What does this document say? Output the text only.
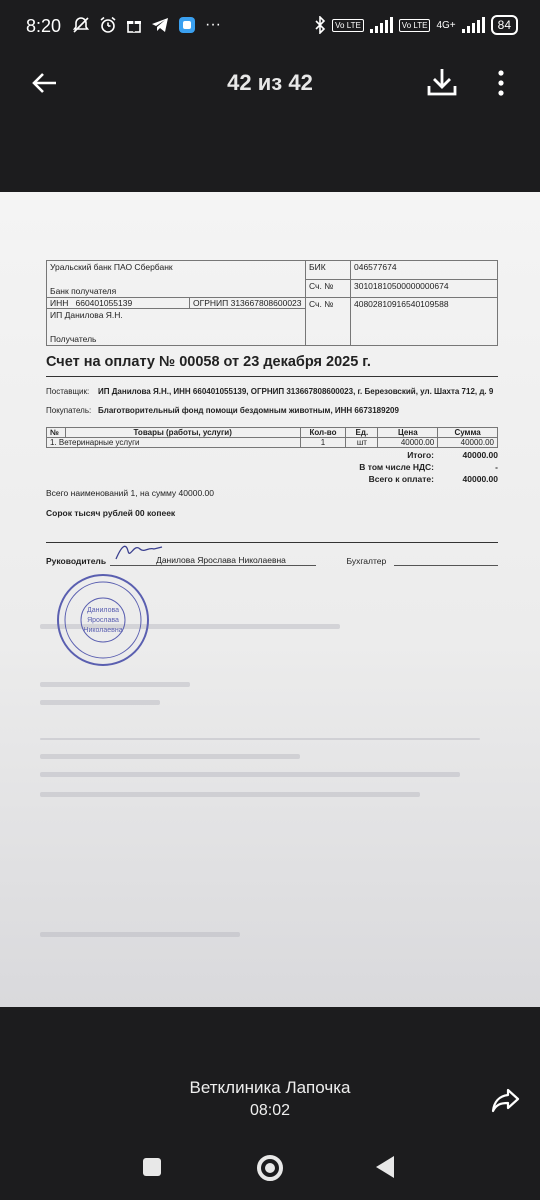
8:20	···	Vo LTE	Vo LTE 4G+	84
42 из 42
Уральский банк ПАО Сбербанк
Банк получателя	БИК	046577674
	Сч. №	30101810500000000674

ИНН 660401055139 ОГРНИП 313667808600023	Сч. №	40802810916540109588

ИП Данилова Я.Н.
Получатель		
Счет на оплату № 00058 от 23 декабря 2025 г.
Поставщик:	ИП Данилова Я.Н., ИНН 660401055139, ОГРНИП 313667808600023, г. Березовский, ул. Шахта 712, д. 9
Покупатель: Благотворительный фонд помощи бездомным животным, ИНН 6673189209
№	Товары (работы, услуги)	Кол-во	Ед.	Цена	Сумма
1. Ветеринарные услуги		1	шт	40000.00	40000.00
Итого:	40000.00
В том числе НДС:	-
Всего к оплате:	40000.00
Всего наименований 1, на сумму 40000.00
Сорок тысяч рублей 00 копеек
Руководитель	Данилова Ярослава Николаевна	Бухгалтер
Данилова
Ярослава
Николаевна
Ветклиника Лапочка
08:02
